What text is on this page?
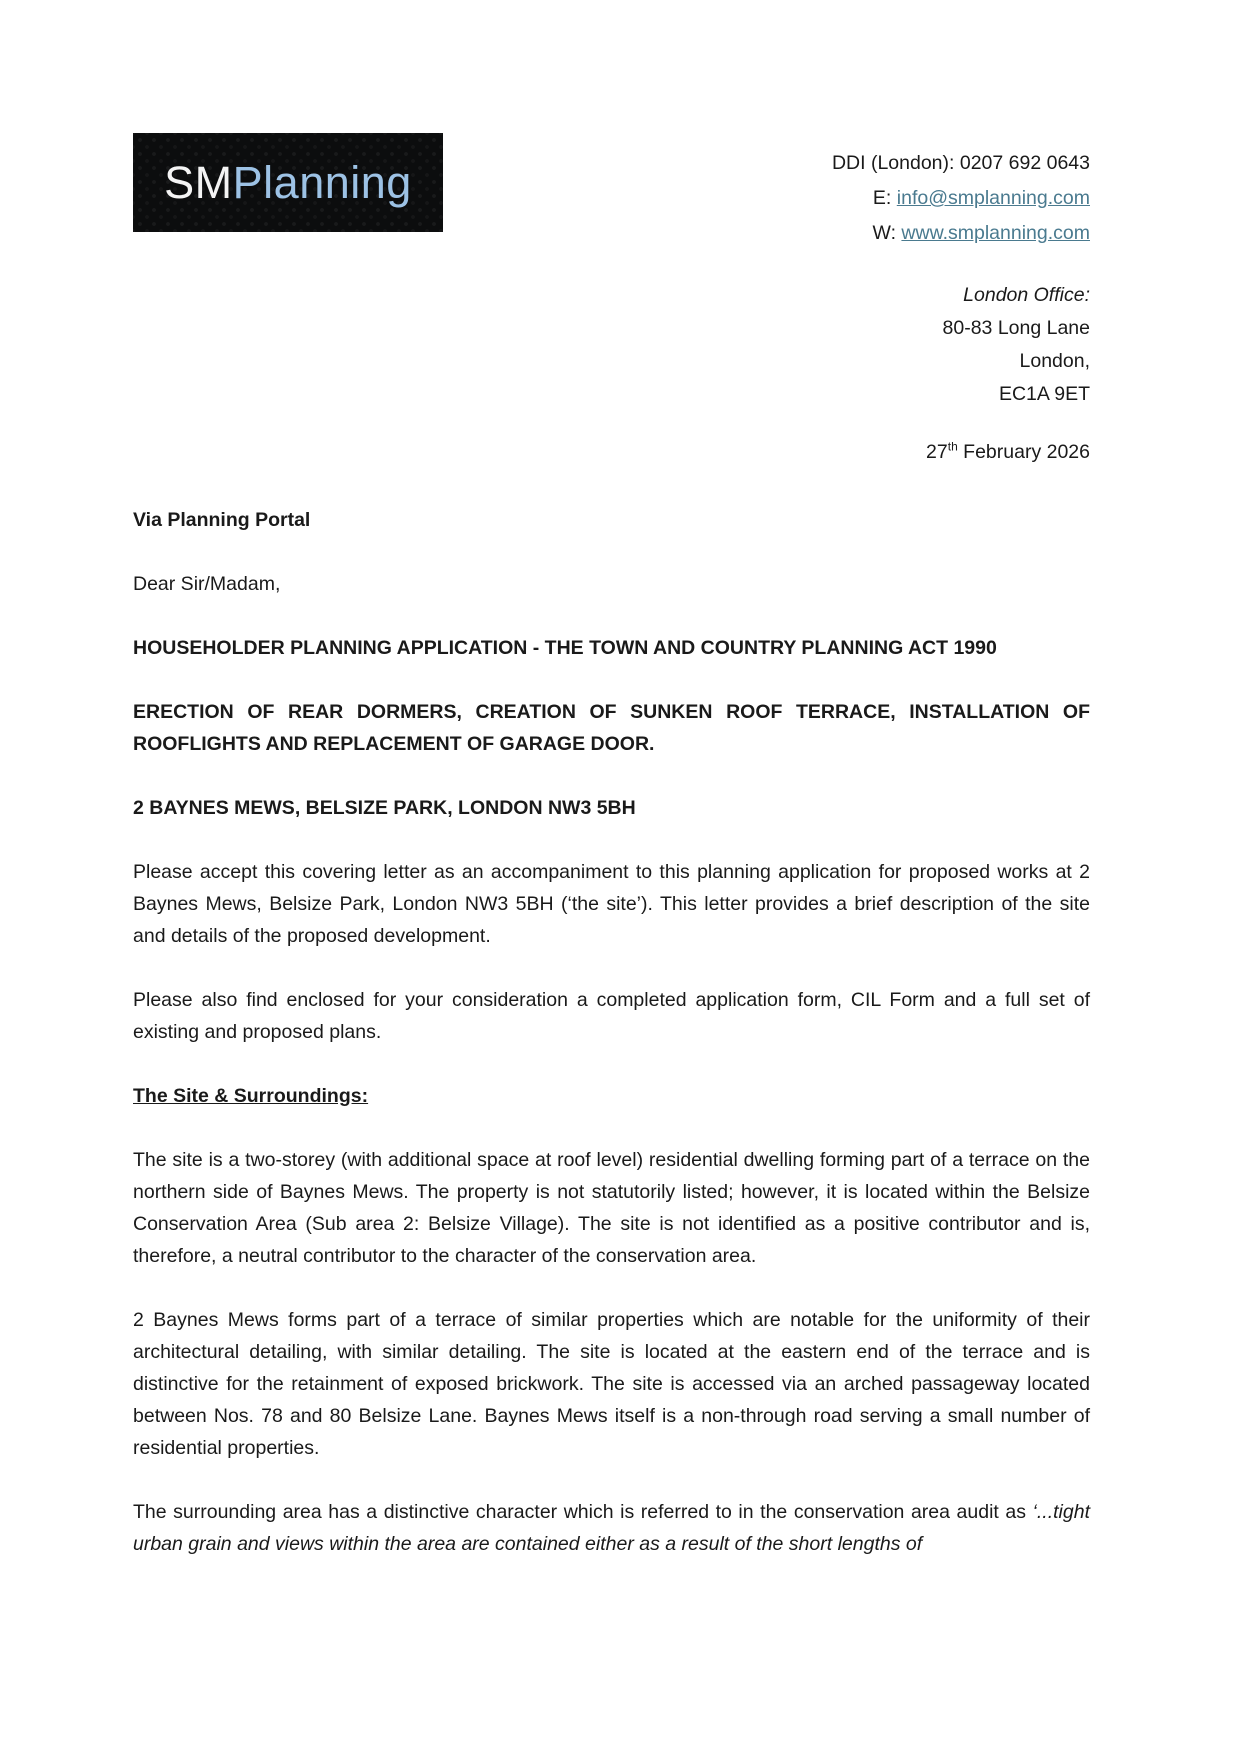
SMPlanning	DDI (London): 0207 692 0643
E: info@smplanning.com
W: www.smplanning.com
London Office:
80-83 Long Lane
London,
EC1A 9ET
27th February 2026

Via Planning Portal

Dear Sir/Madam,

HOUSEHOLDER PLANNING APPLICATION - THE TOWN AND COUNTRY PLANNING ACT 1990

ERECTION OF REAR DORMERS, CREATION OF SUNKEN ROOF TERRACE, INSTALLATION OF ROOFLIGHTS AND REPLACEMENT OF GARAGE DOOR.

2 BAYNES MEWS, BELSIZE PARK, LONDON NW3 5BH

Please accept this covering letter as an accompaniment to this planning application for proposed works at 2 Baynes Mews, Belsize Park, London NW3 5BH (‘the site’). This letter provides a brief description of the site and details of the proposed development.

Please also find enclosed for your consideration a completed application form, CIL Form and a full set of existing and proposed plans.

The Site & Surroundings:

The site is a two-storey (with additional space at roof level) residential dwelling forming part of a terrace on the northern side of Baynes Mews. The property is not statutorily listed; however, it is located within the Belsize Conservation Area (Sub area 2: Belsize Village). The site is not identified as a positive contributor and is, therefore, a neutral contributor to the character of the conservation area.

2 Baynes Mews forms part of a terrace of similar properties which are notable for the uniformity of their architectural detailing, with similar detailing. The site is located at the eastern end of the terrace and is distinctive for the retainment of exposed brickwork. The site is accessed via an arched passageway located between Nos. 78 and 80 Belsize Lane. Baynes Mews itself is a non-through road serving a small number of residential properties.

The surrounding area has a distinctive character which is referred to in the conservation area audit as ‘...tight urban grain and views within the area are contained either as a result of the short lengths of
